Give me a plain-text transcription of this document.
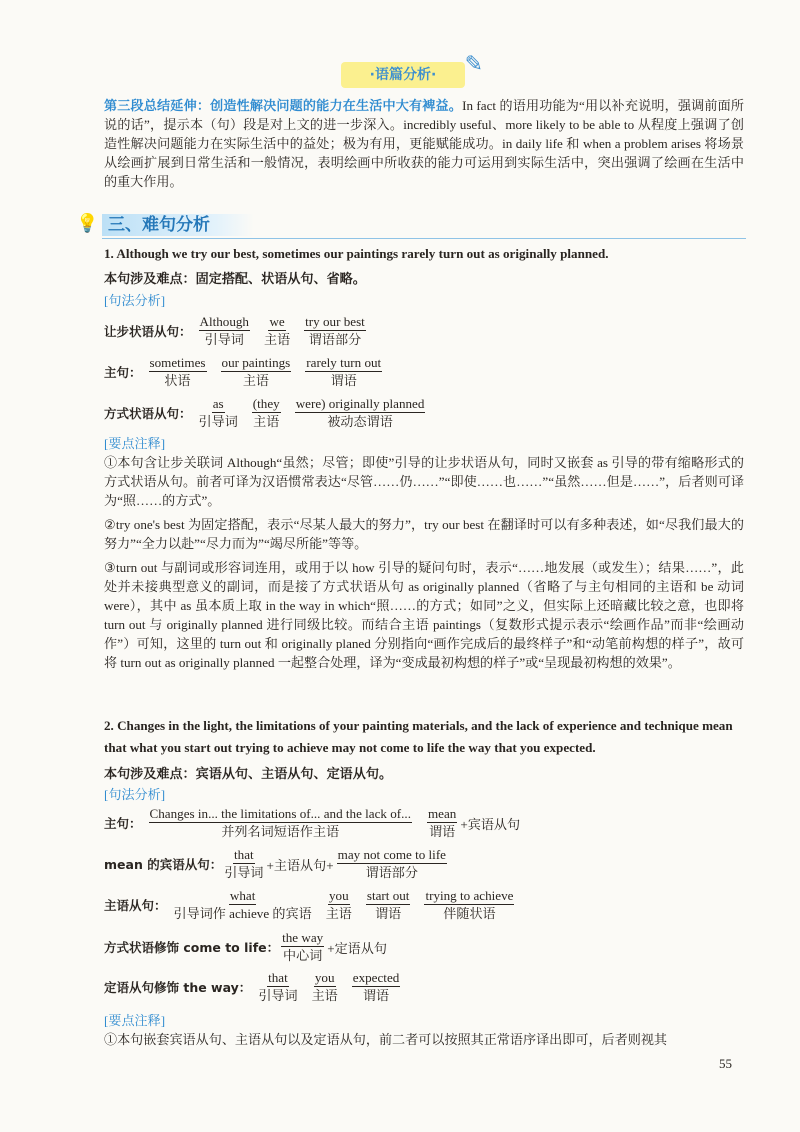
·语篇分析· ✎
第三段总结延伸：创造性解决问题的能力在生活中大有裨益。In fact 的语用功能为“用以补充说明，强调前面所说的话”，提示本（句）段是对上文的进一步深入。incredibly useful、more likely to be able to 从程度上强调了创造性解决问题能力在实际生活中的益处；极为有用，更能赋能成功。in daily life 和 when a problem arises 将场景从绘画扩展到日常生活和一般情况，表明绘画中所收获的能力可运用到实际生活中，突出强调了绘画在生活中的重大作用。
💡 三、难句分析
1. Although we try our best, sometimes our paintings rarely turn out as originally planned.
本句涉及难点：固定搭配、状语从句、省略。
[句法分析]
让步状语从句：
Although
引导词
we
主语
try our best
谓语部分
主句：
sometimes
状语
our paintings
主语
rarely turn out
谓语
方式状语从句：
as
引导词
(they
主语
were) originally planned
被动态谓语
[要点注释]
①本句含让步关联词 Although“虽然；尽管；即使”引导的让步状语从句，同时又嵌套 as 引导的带有缩略形式的方式状语从句。前者可译为汉语惯常表达“尽管……仍……”“即使……也……”“虽然……但是……”，后者则可译为“照……的方式”。
②try one's best 为固定搭配，表示“尽某人最大的努力”，try our best 在翻译时可以有多种表述，如“尽我们最大的努力”“全力以赴”“尽力而为”“竭尽所能”等等。
③turn out 与副词或形容词连用，或用于以 how 引导的疑问句时，表示“……地发展（或发生）；结果……”，此处并未接典型意义的副词，而是接了方式状语从句 as originally planned（省略了与主句相同的主语和 be 动词 were），其中 as 虽本质上取 in the way in which“照……的方式；如同”之义，但实际上还暗藏比较之意，也即将 turn out 与 originally planned 进行同级比较。而结合主语 paintings（复数形式提示表示“绘画作品”而非“绘画动作”）可知，这里的 turn out 和 originally planed 分别指向“画作完成后的最终样子”和“动笔前构想的样子”，故可将 turn out as originally planned 一起整合处理，译为“变成最初构想的样子”或“呈现最初构想的效果”。
2. Changes in the light, the limitations of your painting materials, and the lack of experience and technique mean that what you start out trying to achieve may not come to life the way that you expected.
本句涉及难点：宾语从句、主语从句、定语从句。
[句法分析]
主句：
Changes in... the limitations of... and the lack of...
并列名词短语作主语
mean
谓语 +宾语从句
mean 的宾语从句：
that
引导词 +主语从句+
may not come to life
谓语部分
主语从句：
what
引导词作 achieve 的宾语
you
主语
start out
谓语
trying to achieve
伴随状语
方式状语修饰 come to life：
the way
中心词 +定语从句
定语从句修饰 the way：
that
引导词
you
主语
expected
谓语
[要点注释]
①本句嵌套宾语从句、主语从句以及定语从句，前二者可以按照其正常语序译出即可，后者则视其
55
